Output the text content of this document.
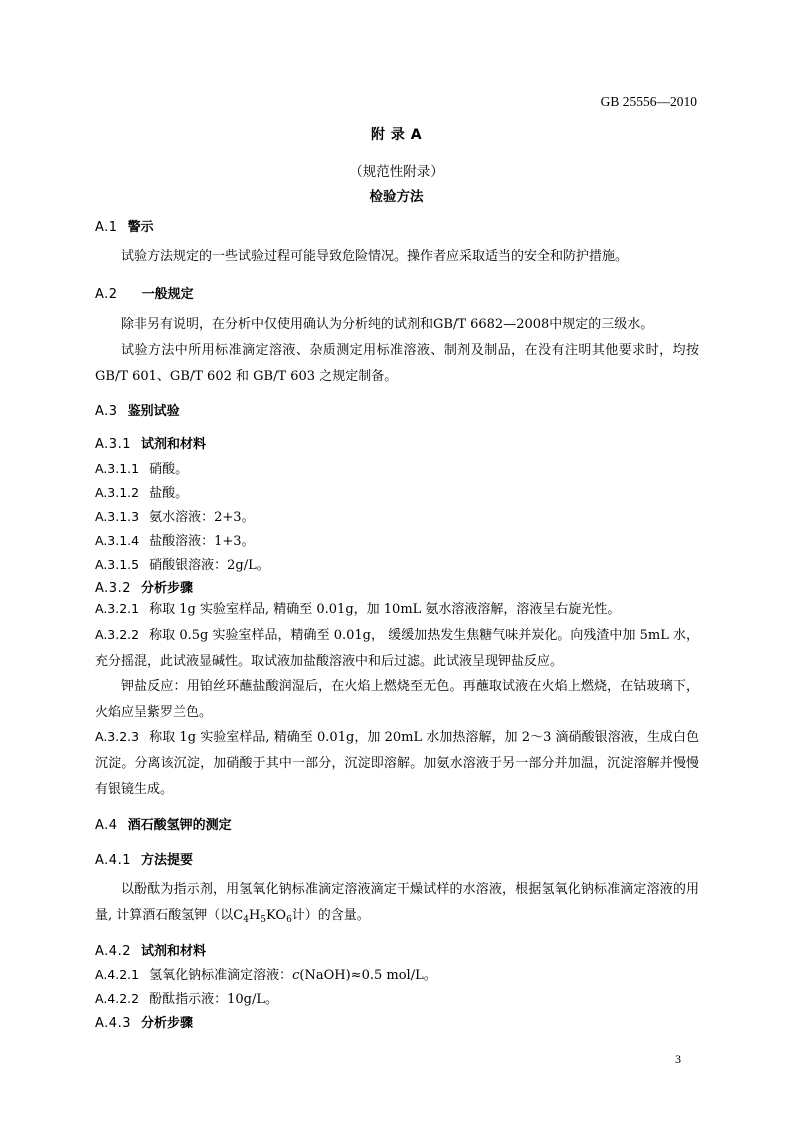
GB 25556—2010
附 录 A
（规范性附录）
检验方法
A.1 警示
试验方法规定的一些试验过程可能导致危险情况。操作者应采取适当的安全和防护措施。
A.2 一般规定
除非另有说明，在分析中仅使用确认为分析纯的试剂和GB/T 6682—2008中规定的三级水。
试验方法中所用标准滴定溶液、杂质测定用标准溶液、制剂及制品，在没有注明其他要求时，均按GB/T 601、GB/T 602 和 GB/T 603 之规定制备。
A.3 鉴别试验
A.3.1 试剂和材料
A.3.1.1 硝酸。
A.3.1.2 盐酸。
A.3.1.3 氨水溶液：2+3。
A.3.1.4 盐酸溶液：1+3。
A.3.1.5 硝酸银溶液：2g/L。
A.3.2 分析步骤
A.3.2.1 称取 1g 实验室样品, 精确至 0.01g，加 10mL 氨水溶液溶解，溶液呈右旋光性。
A.3.2.2 称取 0.5g 实验室样品，精确至 0.01g， 缓缓加热发生焦糖气味并炭化。向残渣中加 5mL 水，充分摇混，此试液显碱性。取试液加盐酸溶液中和后过滤。此试液呈现钾盐反应。
钾盐反应：用铂丝环蘸盐酸润湿后，在火焰上燃烧至无色。再蘸取试液在火焰上燃烧，在钴玻璃下，火焰应呈紫罗兰色。
A.3.2.3 称取 1g 实验室样品, 精确至 0.01g，加 20mL 水加热溶解，加 2～3 滴硝酸银溶液，生成白色沉淀。分离该沉淀，加硝酸于其中一部分，沉淀即溶解。加氨水溶液于另一部分并加温，沉淀溶解并慢慢有银镜生成。
A.4 酒石酸氢钾的测定
A.4.1 方法提要
以酚酞为指示剂，用氢氧化钠标准滴定溶液滴定干燥试样的水溶液，根据氢氧化钠标准滴定溶液的用量, 计算酒石酸氢钾（以$C_4H_5KO_6$计）的含量。
A.4.2 试剂和材料
A.4.2.1 氢氧化钠标准滴定溶液：c(NaOH)≈0.5 mol/L。
A.4.2.2 酚酞指示液：10g/L。
A.4.3 分析步骤
3
